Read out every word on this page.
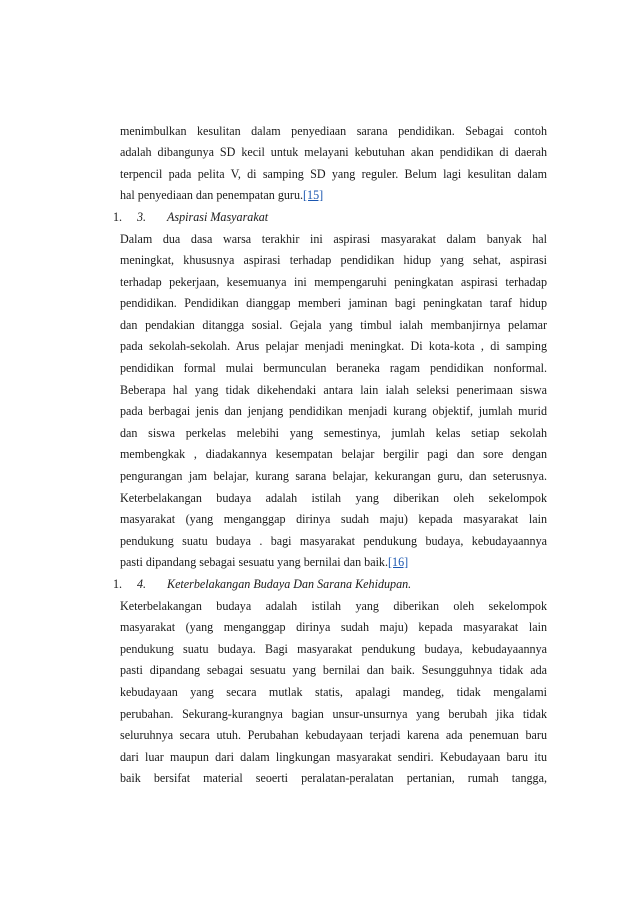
menimbulkan kesulitan dalam penyediaan sarana pendidikan. Sebagai contoh
adalah dibangunya SD kecil untuk melayani kebutuhan akan pendidikan di daerah
terpencil pada pelita V, di samping SD yang reguler. Belum lagi kesulitan dalam
hal penyediaan dan penempatan guru.[15]
1. 3. Aspirasi Masyarakat
Dalam dua dasa warsa terakhir ini aspirasi masyarakat dalam banyak hal
meningkat, khususnya aspirasi terhadap pendidikan hidup yang sehat, aspirasi
terhadap pekerjaan, kesemuanya ini mempengaruhi peningkatan aspirasi terhadap
pendidikan. Pendidikan dianggap memberi jaminan bagi peningkatan taraf hidup
dan pendakian ditangga sosial. Gejala yang timbul ialah membanjirnya pelamar
pada sekolah-sekolah. Arus pelajar menjadi meningkat. Di kota-kota , di samping
pendidikan formal mulai bermunculan beraneka ragam pendidikan nonformal.
Beberapa hal yang tidak dikehendaki antara lain ialah seleksi penerimaan siswa
pada berbagai jenis dan jenjang pendidikan menjadi kurang objektif, jumlah murid
dan siswa perkelas melebihi yang semestinya, jumlah kelas setiap sekolah
membengkak , diadakannya kesempatan belajar bergilir pagi dan sore dengan
pengurangan jam belajar, kurang sarana belajar, kekurangan guru, dan seterusnya.
Keterbelakangan budaya adalah istilah yang diberikan oleh sekelompok
masyarakat (yang menganggap dirinya sudah maju) kepada masyarakat lain
pendukung suatu budaya . bagi masyarakat pendukung budaya, kebudayaannya
pasti dipandang sebagai sesuatu yang bernilai dan baik.[16]
1. 4. Keterbelakangan Budaya Dan Sarana Kehidupan.
Keterbelakangan budaya adalah istilah yang diberikan oleh sekelompok
masyarakat (yang menganggap dirinya sudah maju) kepada masyarakat lain
pendukung suatu budaya. Bagi masyarakat pendukung budaya, kebudayaannya
pasti dipandang sebagai sesuatu yang bernilai dan baik. Sesungguhnya tidak ada
kebudayaan yang secara mutlak statis, apalagi mandeg, tidak mengalami
perubahan. Sekurang-kurangnya bagian unsur-unsurnya yang berubah jika tidak
seluruhnya secara utuh. Perubahan kebudayaan terjadi karena ada penemuan baru
dari luar maupun dari dalam lingkungan masyarakat sendiri. Kebudayaan baru itu
baik bersifat material seoerti peralatan-peralatan pertanian, rumah tangga,
